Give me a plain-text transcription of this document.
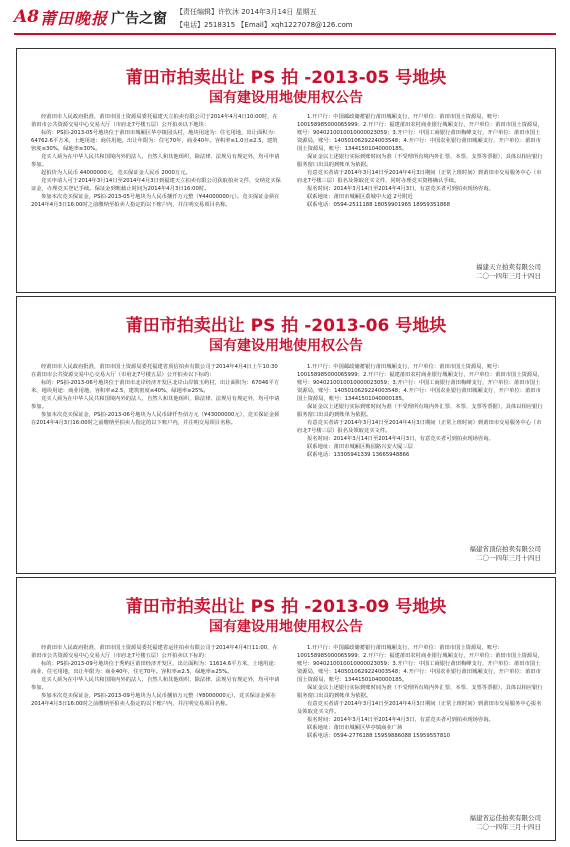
A8 莆田晚报 广告之窗 【责任编辑】许钦沐 2014年3月14日 星期五
【电话】2518315 【Email】xqh1227078@126.com
莆田市拍卖出让 PS 拍 -2013-05 号地块
国有建设用地使用权公告

经莆田市人民政府批准，莆田市国土资源局委托福建天立拍卖有限公司于2014年4月4日10:00时，在莆田市公共资源交易中心交易大厅（市府北7号楼五层）公开拍卖以下地块：

标的：PS拍-2013-05号地块位于莆田市城厢区华亭镇园头村，地块用途为：住宅用地，出让面积为：64762.6平方米，土地用途：商住用地，出让年限为：住宅70年，商业40年。容积率≥1.0且≤2.5，建筑密度≤30%，绿地率≥30%。

竞买人须为在中华人民共和国境内外的法人、自然人和其他组织，除法律、法规另有规定外，均可申请参加。

起拍价为人民币 44000000元，竞买保证金人民币 2000万元。

竞买申请人可于2014年3月14日至2014年4月3日到福建天立拍卖有限公司获取拍卖文件，交纳竞买保证金，办理竞买登记手续。保证金到账截止时间为2014年4月3日16:00时。

参加本次竞买保证金，PS拍-2013-05号地块为人民币捌仟万元整（¥44000000元）。竞买保证金须在2014年4月3日16:00时之前缴纳至拍卖人指定的以下账户内，并注明交易项目名称。

1.开户行：中国邮政储蓄银行莆田城厢支行，开户单位：莆田市国土资源局，账号：100158985000065999；2.开户行：福建莆田农村商业银行城厢支行，开户单位：莆田市国土资源局，账号：9040210010010000023059；3.开户行：中国工商银行莆田梅峰支行，开户单位：莆田市国土资源局，账号：1405010629224003548；4.开户行：中国农业银行莆田城厢支行，开户单位：莆田市国土资源局，账号：13441501040000185。

保证金以上述银行实际到账时间为准（不受理所有境内外汇票、本票、支票等票据），具体以相应银行服务窗口出具的到帐单为依据。

有意竞买者请于2014年3月14日至2014年4月3日期间（正常上班时间）到莆田市交易服务中心（市府北7号楼三层）报名及领取竞买文件，同时办理竞买资格确认手续。

报名时间：2014年3月14日至2014年4月3日，有意竞买者可到拍卖现场咨询。

联系地址：莆田市城厢区荔城中大道 2号附近

联系电话：0594-2511188 18059901965 18959351868

福建天立拍卖有限公司
二〇一四年三月十四日
莆田市拍卖出让 PS 拍 -2013-06 号地块
国有建设用地使用权公告

经莆田市人民政府批准，莆田市国土资源局委托福建省顶信拍卖有限公司于2014年4月4日上午10:30在莆田市公共资源交易中心交易大厅（市府北7号楼五层）公开拍卖以下标的：

标的：PS拍-2013-06号地块位于莆田市北岸经济开发区北岸山岸镇玉屿村，出让面积为：67046平方米，地块用途：商业用地，容积率≤2.5，建筑密度≤40%，绿地率≥25%。

竞买人须为在中华人民共和国境内外的法人、自然人和其他组织，除法律、法规另有规定外，均可申请参加。

参加本次竞买保证金，PS拍-2013-06号地块为人民币肆仟叁佰万元（¥43000000元），竞买保证金须在2014年4月3日16:00时之前缴纳至拍卖人指定的以下账户内，并注明交易项目名称。

1.开户行：中国邮政储蓄银行莆田城厢支行，开户单位：莆田市国土资源局，账号：100158985000065999；2.开户行：福建莆田农村商业银行城厢支行，开户单位：莆田市国土资源局，账号：9040210010010000023059；3.开户行：中国工商银行莆田梅峰支行，开户单位：莆田市国土资源局，账号：1405010629224003548；4.开户行：中国农业银行莆田城厢支行，开户单位：莆田市国土资源局，账号：13441501040000185。

保证金以上述银行实际到账时间为准（不受理所有境内外汇票、本票、支票等票据），具体以相应银行服务窗口出具的到帐单为依据。

有意竞买者请于2014年3月14日至2014年4月3日期间（正常上班时间）到莆田市交易服务中心（市府北7号楼三层）报名及领取竞买文件。

报名时间：2014年3月14日至2014年4月3日，有意竞买者可到拍卖现场咨询。

联系地址：莆田市城厢区梅园路兴安大厦三层

联系电话：13305941339 13665948866

福建省顶信拍卖有限公司
二〇一四年三月十四日
莆田市拍卖出让 PS 拍 -2013-09 号地块
国有建设用地使用权公告

经莆田市人民政府批准，莆田市国土资源局委托福建省运佳拍卖有限公司于2014年4月4日11:00，在莆田市公共资源交易中心交易大厅（市府北7号楼五层）公开拍卖以下标的：

标的：PS拍-2013-09号地块位于秀屿区莆田经济开发区，出让面积为：11614.6平方米，土地用途：商业、住宅用地，出让年限为：商业40年，住宅70年。容积率≤2.5，绿地率≥25%。

竞买人须为在中华人民共和国境内外的法人、自然人和其他组织，除法律、法规另有规定外，均可申请参加。

参加本次竞买保证金，PS拍-2013-09号地块为人民币捌佰万元整（¥8000000元），竞买保证金须在2014年4月3日16:00时之前缴纳至拍卖人指定的以下账户内，并注明交易项目名称。

1.开户行：中国邮政储蓄银行莆田城厢支行，开户单位：莆田市国土资源局，账号：100158985000065999；2.开户行：福建莆田农村商业银行城厢支行，开户单位：莆田市国土资源局，账号：9040210010010000023059；3.开户行：中国工商银行莆田梅峰支行，开户单位：莆田市国土资源局，账号：1405010629224003548；4.开户行：中国农业银行莆田城厢支行，开户单位：莆田市国土资源局，账号：13441501040000185。

保证金以上述银行实际到账时间为准（不受理所有境内外汇票、本票、支票等票据），具体以相应银行服务窗口出具的到帐单为依据。

有意竞买者请于2014年3月14日至2014年4月3日期间（正常上班时间）到莆田市交易服务中心报名及领取竞买文件。

报名时间：2014年3月14日至2014年4月3日，有意竞买者可到拍卖现场咨询。

联系地址：莆田市城厢区华亭镇商业广场

联系电话：0594-2776188 15959886088 15959557810

福建省运佳拍卖有限公司
二〇一四年三月十四日
